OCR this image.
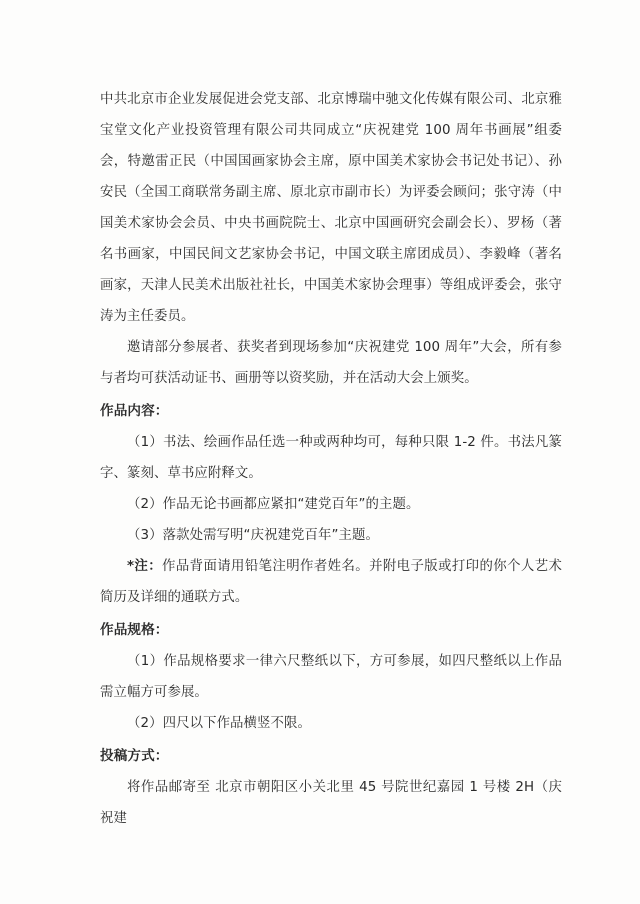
中共北京市企业发展促进会党支部、北京博瑞中驰文化传媒有限公司、北京雅宝堂文化产业投资管理有限公司共同成立“庆祝建党 100 周年书画展”组委会，特邀雷正民（中国国画家协会主席，原中国美术家协会书记处书记）、孙安民（全国工商联常务副主席、原北京市副市长）为评委会顾问；张守涛（中国美术家协会会员、中央书画院院士、北京中国画研究会副会长）、罗杨（著名书画家，中国民间文艺家协会书记，中国文联主席团成员）、李毅峰（著名画家，天津人民美术出版社社长，中国美术家协会理事）等组成评委会，张守涛为主任委员。

邀请部分参展者、获奖者到现场参加“庆祝建党 100 周年”大会，所有参与者均可获活动证书、画册等以资奖励，并在活动大会上颁奖。

作品内容：

（1）书法、绘画作品任选一种或两种均可，每种只限 1-2 件。书法凡篆字、篆刻、草书应附释文。

（2）作品无论书画都应紧扣“建党百年”的主题。

（3）落款处需写明“庆祝建党百年”主题。

*注：作品背面请用铅笔注明作者姓名。并附电子版或打印的你个人艺术简历及详细的通联方式。

作品规格：

（1）作品规格要求一律六尺整纸以下，方可参展，如四尺整纸以上作品需立幅方可参展。

（2）四尺以下作品横竖不限。

投稿方式：

将作品邮寄至 北京市朝阳区小关北里 45 号院世纪嘉园 1 号楼 2H（庆祝建
